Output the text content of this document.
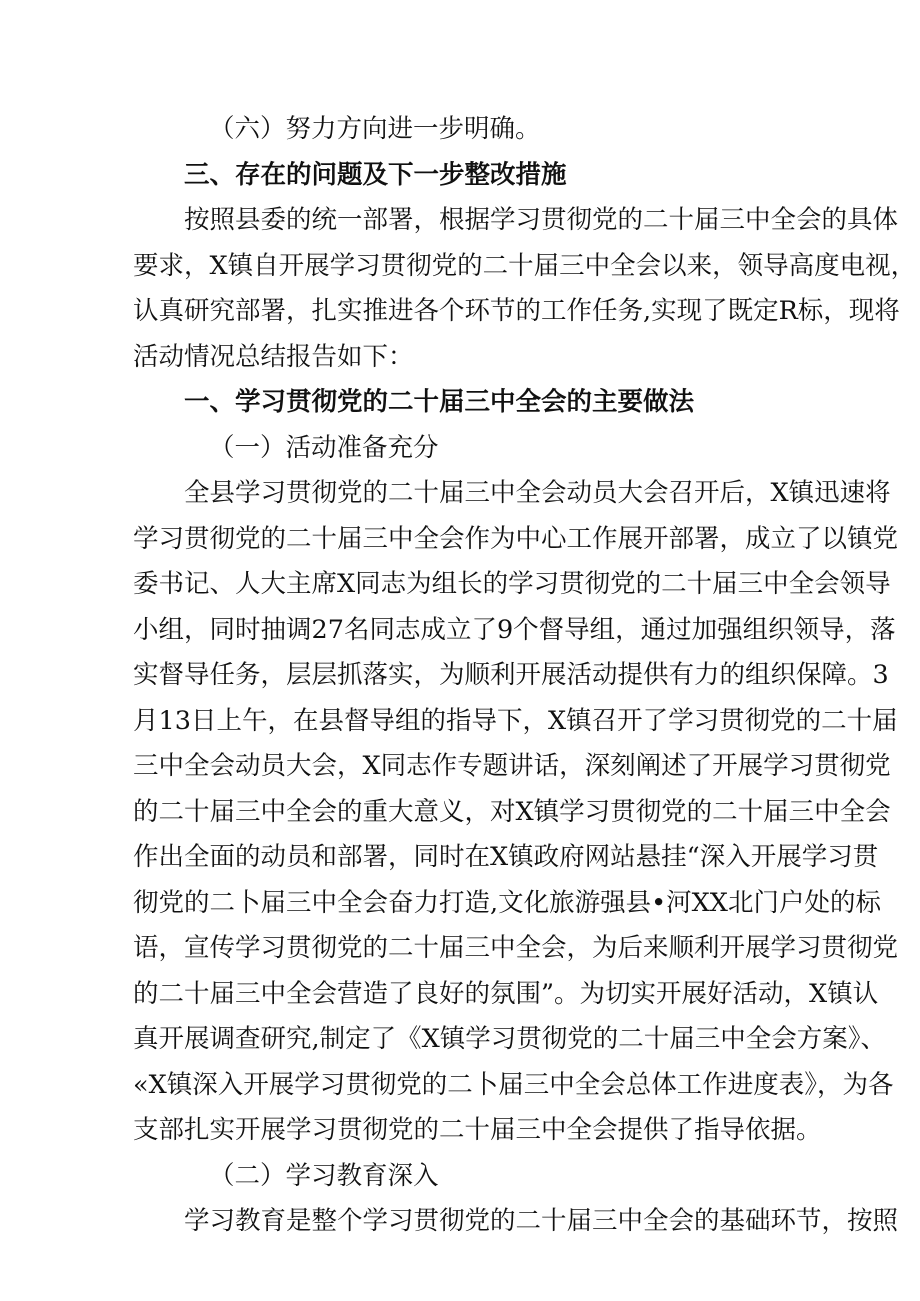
（六）努力方向进一步明确。
三、存在的问题及下一步整改措施
按照县委的统一部署，根据学习贯彻党的二十届三中全会的具体
要求，X镇自开展学习贯彻党的二十届三中全会以来，领导高度电视，
认真研究部署，扎实推进各个环节的工作任务,实现了既定R标，现将
活动情况总结报告如下：
一、学习贯彻党的二十届三中全会的主要做法
（一）活动准备充分
全县学习贯彻党的二十届三中全会动员大会召开后，X镇迅速将
学习贯彻党的二十届三中全会作为中心工作展开部署，成立了以镇党
委书记、人大主席X同志为组长的学习贯彻党的二十届三中全会领导
小组，同时抽调27名同志成立了9个督导组，通过加强组织领导，落
实督导任务，层层抓落实，为顺利开展活动提供有力的组织保障。3
月13日上午，在县督导组的指导下，X镇召开了学习贯彻党的二十届
三中全会动员大会，X同志作专题讲话，深刻阐述了开展学习贯彻党
的二十届三中全会的重大意义，对X镇学习贯彻党的二十届三中全会
作出全面的动员和部署，同时在X镇政府网站悬挂“深入开展学习贯
彻党的二卜届三中全会奋力打造,文化旅游强县•河XX北门户处的标
语，宣传学习贯彻党的二十届三中全会，为后来顺利开展学习贯彻党
的二十届三中全会营造了良好的氛围”。为切实开展好活动，X镇认
真开展调查研究,制定了《X镇学习贯彻党的二十届三中全会方案》、
«X镇深入开展学习贯彻党的二卜届三中全会总体工作进度表》，为各
支部扎实开展学习贯彻党的二十届三中全会提供了指导依据。
（二）学习教育深入
学习教育是整个学习贯彻党的二十届三中全会的基础环节，按照
